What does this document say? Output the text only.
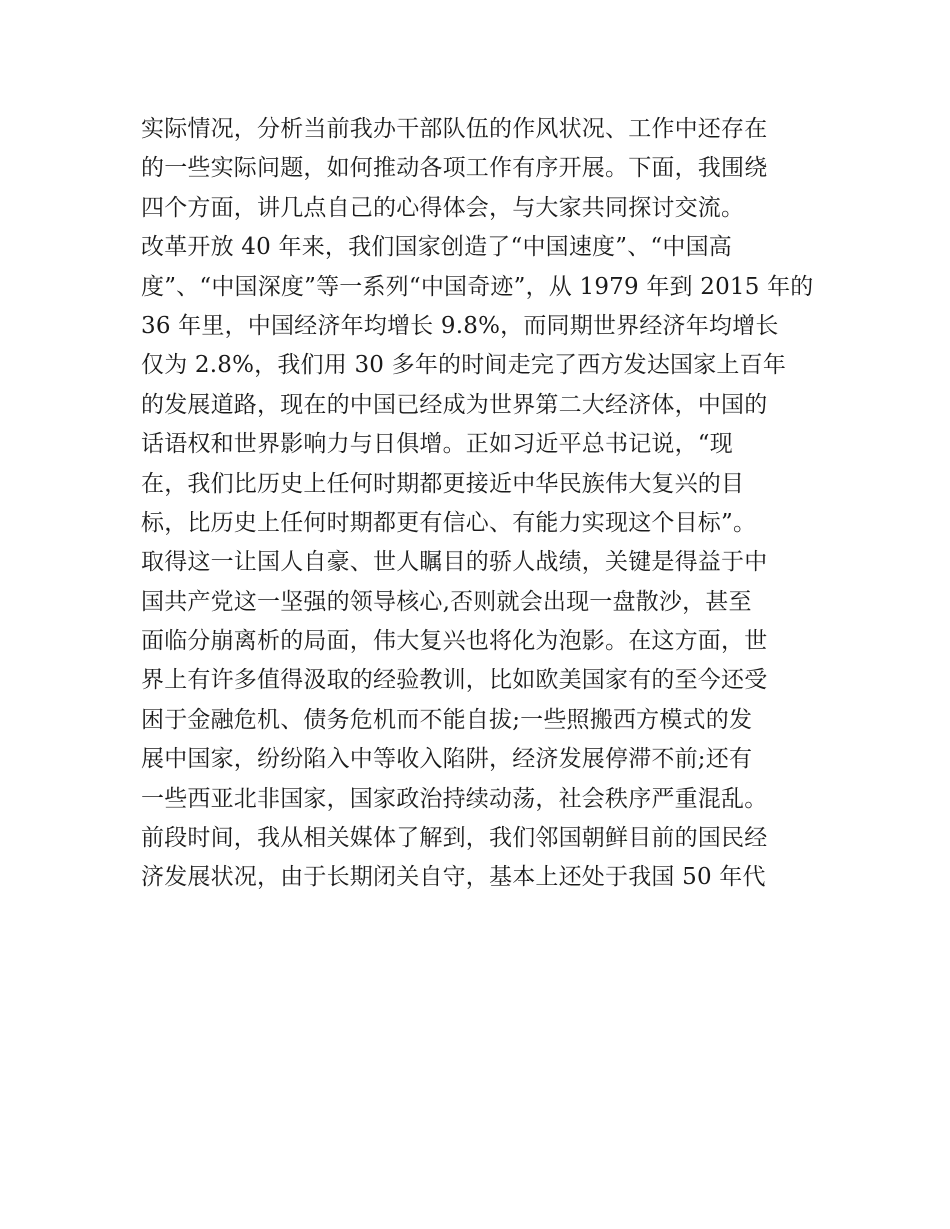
实际情况，分析当前我办干部队伍的作风状况、工作中还存在
的一些实际问题，如何推动各项工作有序开展。下面，我围绕
四个方面，讲几点自己的心得体会，与大家共同探讨交流。
改革开放 40 年来，我们国家创造了“中国速度”、“中国高
度”、“中国深度”等一系列“中国奇迹”，从 1979 年到 2015 年的
36 年里，中国经济年均增长 9.8%，而同期世界经济年均增长
仅为 2.8%，我们用 30 多年的时间走完了西方发达国家上百年
的发展道路，现在的中国已经成为世界第二大经济体，中国的
话语权和世界影响力与日俱增。正如习近平总书记说，“现
在，我们比历史上任何时期都更接近中华民族伟大复兴的目
标，比历史上任何时期都更有信心、有能力实现这个目标”。
取得这一让国人自豪、世人瞩目的骄人战绩，关键是得益于中
国共产党这一坚强的领导核心,否则就会出现一盘散沙，甚至
面临分崩离析的局面，伟大复兴也将化为泡影。在这方面，世
界上有许多值得汲取的经验教训，比如欧美国家有的至今还受
困于金融危机、债务危机而不能自拔;一些照搬西方模式的发
展中国家，纷纷陷入中等收入陷阱，经济发展停滞不前;还有
一些西亚北非国家，国家政治持续动荡，社会秩序严重混乱。
前段时间，我从相关媒体了解到，我们邻国朝鲜目前的国民经
济发展状况，由于长期闭关自守，基本上还处于我国 50 年代
